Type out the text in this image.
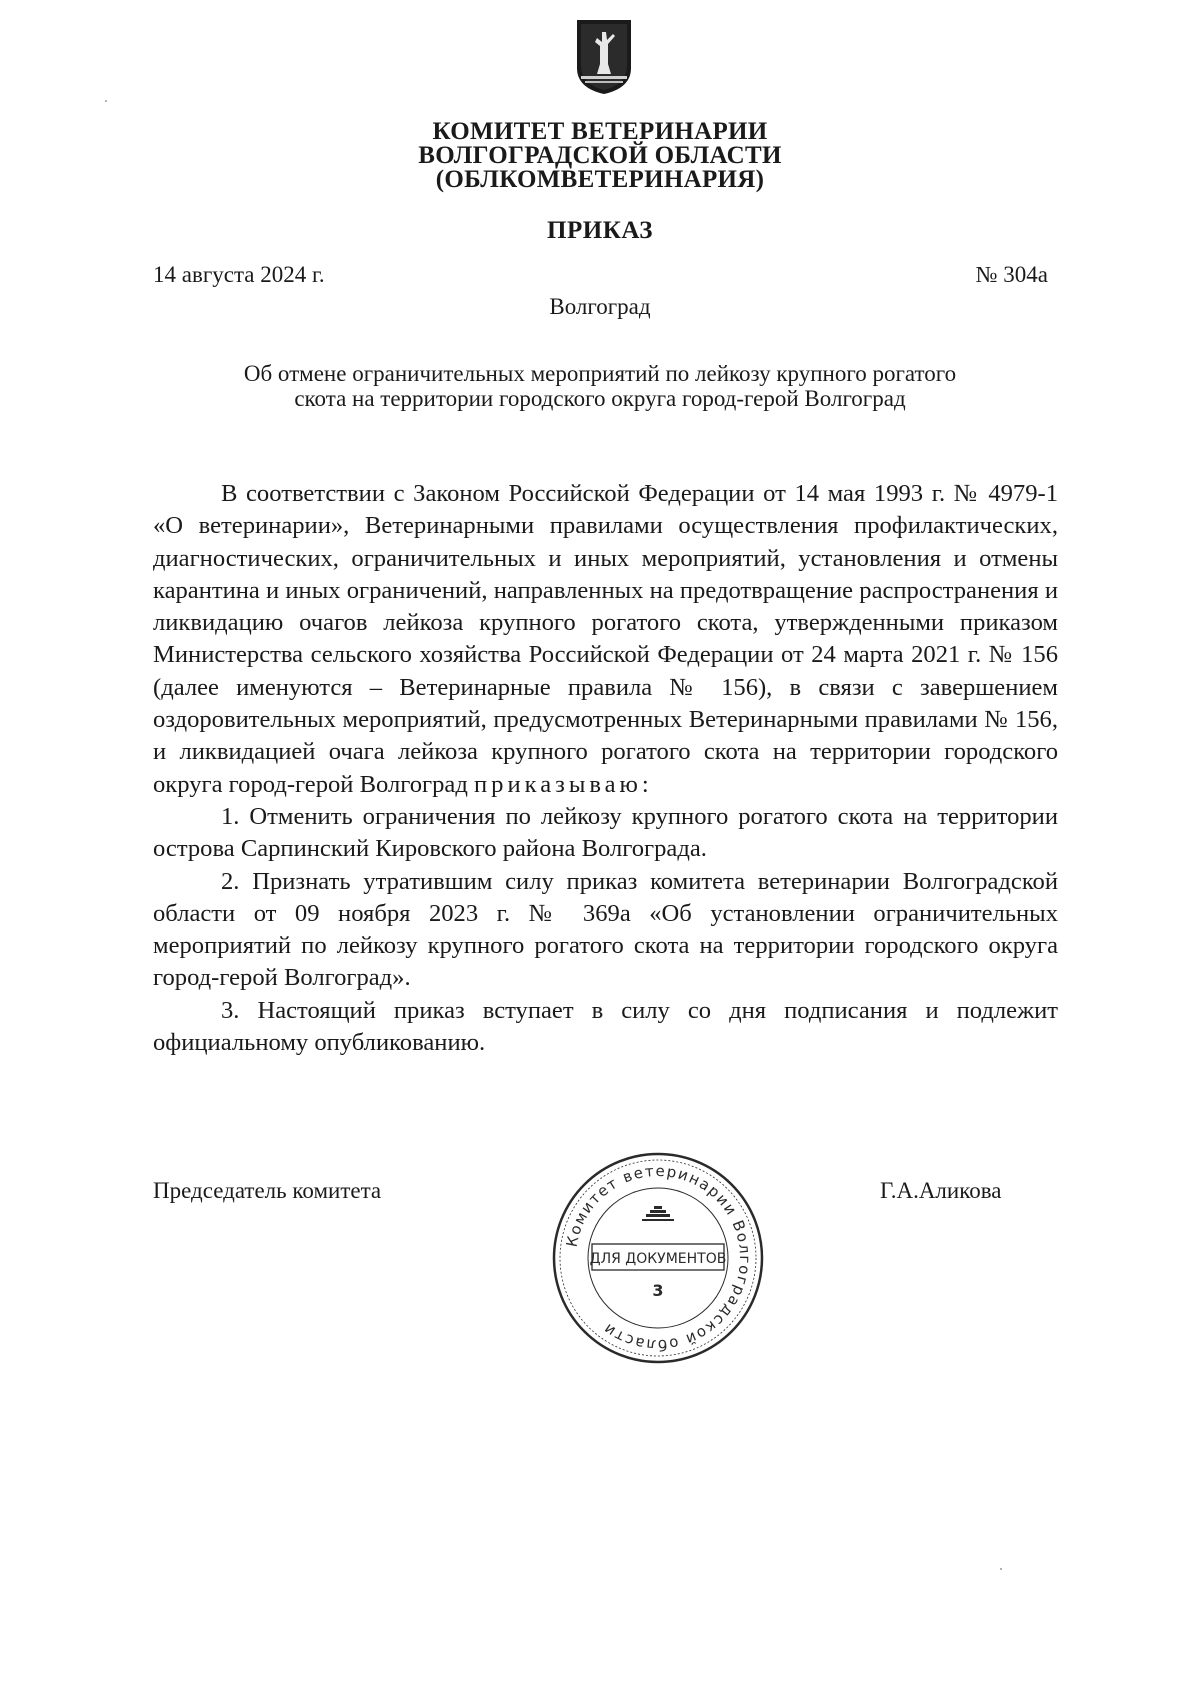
КОМИТЕТ ВЕТЕРИНАРИИ
ВОЛГОГРАДСКОЙ ОБЛАСТИ
(ОБЛКОМВЕТЕРИНАРИЯ)
ПРИКАЗ
14 августа 2024 г.	№ 304а
Волгоград
Об отмене ограничительных мероприятий по лейкозу крупного рогатого
скота на территории городского округа город-герой Волгоград

В соответствии с Законом Российской Федерации от 14 мая 1993 г. № 4979-1 «О ветеринарии», Ветеринарными правилами осуществления профилактических, диагностических, ограничительных и иных мероприятий, установления и отмены карантина и иных ограничений, направленных на предотвращение распространения и ликвидацию очагов лейкоза крупного рогатого скота, утвержденными приказом Министерства сельского хозяйства Российской Федерации от 24 марта 2021 г. № 156 (далее именуются – Ветеринарные правила № 156), в связи с завершением оздоровительных мероприятий, предусмотренных Ветеринарными правилами № 156, и ликвидацией очага лейкоза крупного рогатого скота на территории городского округа город-герой Волгоград приказываю:

1. Отменить ограничения по лейкозу крупного рогатого скота на территории острова Сарпинский Кировского района Волгограда.

2. Признать утратившим силу приказ комитета ветеринарии Волгоградской области от 09 ноября 2023 г. № 369а «Об установлении ограничительных мероприятий по лейкозу крупного рогатого скота на территории городского округа город-герой Волгоград».

3. Настоящий приказ вступает в силу со дня подписания и подлежит официальному опубликованию.

Председатель комитета	Г.А.Аликова
Комитет ветеринарии Волгоградской области
ДЛЯ ДОКУМЕНТОВ
3
